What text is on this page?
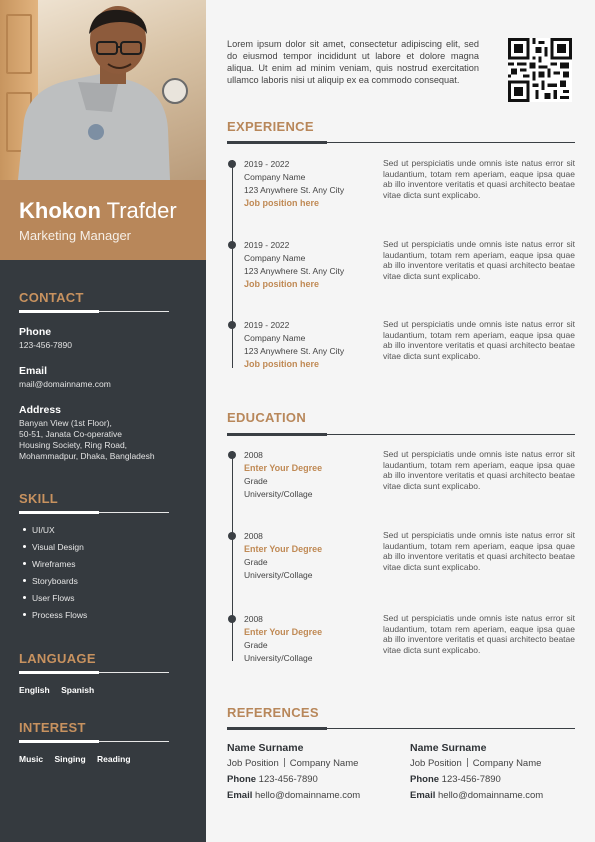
Khokon Trafder
Marketing Manager
CONTACT
Phone
123-456-7890
Email
mail@domainname.com
Address
Banyan View (1st Floor),
50-51, Janata Co-operative
Housing Society, Ring Road,
Mohammadpur, Dhaka, Bangladesh
SKILL
UI/UX
Visual Design
Wireframes
Storyboards
User Flows
Process Flows
LANGUAGE
English Spanish
INTEREST
Music Singing Reading

Lorem ipsum dolor sit amet, consectetur adipiscing elit, sed do eiusmod tempor incididunt ut labore et dolore magna aliqua. Ut enim ad minim veniam, quis nostrud exercitation ullamco laboris nisi ut aliquip ex ea commodo consequat.

EXPERIENCE
2019 - 2022
Company Name
123 Anywhere St. Any City
Job position here
Sed ut perspiciatis unde omnis iste natus error sit laudantium, totam rem aperiam, eaque ipsa quae ab illo inventore veritatis et quasi architecto beatae vitae dicta sunt explicabo.
2019 - 2022
Company Name
123 Anywhere St. Any City
Job position here
Sed ut perspiciatis unde omnis iste natus error sit laudantium, totam rem aperiam, eaque ipsa quae ab illo inventore veritatis et quasi architecto beatae vitae dicta sunt explicabo.
2019 - 2022
Company Name
123 Anywhere St. Any City
Job position here
Sed ut perspiciatis unde omnis iste natus error sit laudantium, totam rem aperiam, eaque ipsa quae ab illo inventore veritatis et quasi architecto beatae vitae dicta sunt explicabo.
EDUCATION
2008
Enter Your Degree
Grade
University/Collage
Sed ut perspiciatis unde omnis iste natus error sit laudantium, totam rem aperiam, eaque ipsa quae ab illo inventore veritatis et quasi architecto beatae vitae dicta sunt explicabo.
2008
Enter Your Degree
Grade
University/Collage
Sed ut perspiciatis unde omnis iste natus error sit laudantium, totam rem aperiam, eaque ipsa quae ab illo inventore veritatis et quasi architecto beatae vitae dicta sunt explicabo.
2008
Enter Your Degree
Grade
University/Collage
Sed ut perspiciatis unde omnis iste natus error sit laudantium, totam rem aperiam, eaque ipsa quae ab illo inventore veritatis et quasi architecto beatae vitae dicta sunt explicabo.
REFERENCES
Name Surname
Job Position Company Name
Phone 123-456-7890
Email hello@domainname.com
Name Surname
Job Position Company Name
Phone 123-456-7890
Email hello@domainname.com
